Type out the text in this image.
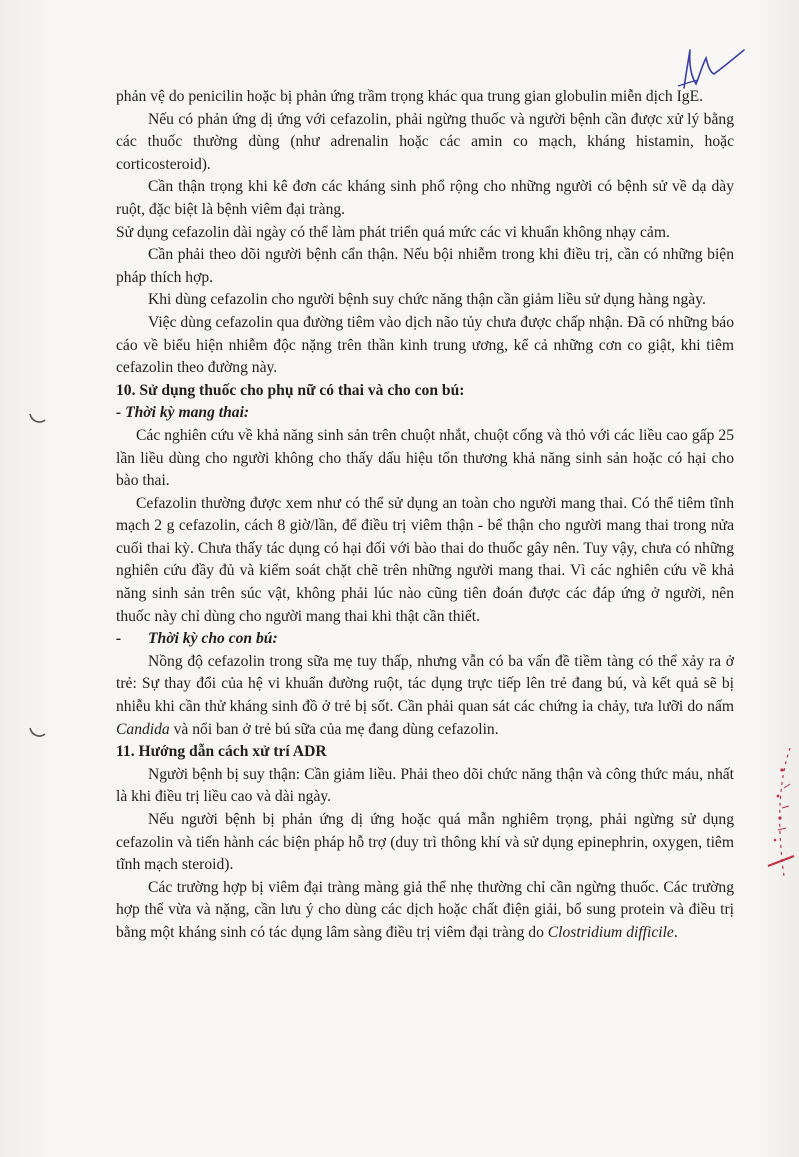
phản vệ do penicilin hoặc bị phản ứng trầm trọng khác qua trung gian globulin miễn dịch IgE.

Nếu có phản ứng dị ứng với cefazolin, phải ngừng thuốc và người bệnh cần được xử lý bằng các thuốc thường dùng (như adrenalin hoặc các amin co mạch, kháng histamin, hoặc corticosteroid).

Cần thận trọng khi kê đơn các kháng sinh phổ rộng cho những người có bệnh sử về dạ dày ruột, đặc biệt là bệnh viêm đại tràng.

Sử dụng cefazolin dài ngày có thể làm phát triển quá mức các vi khuẩn không nhạy cảm.

Cần phải theo dõi người bệnh cẩn thận. Nếu bội nhiễm trong khi điều trị, cần có những biện pháp thích hợp.

Khi dùng cefazolin cho người bệnh suy chức năng thận cần giảm liều sử dụng hàng ngày.

Việc dùng cefazolin qua đường tiêm vào dịch não tủy chưa được chấp nhận. Đã có những báo cáo về biểu hiện nhiễm độc nặng trên thần kinh trung ương, kể cả những cơn co giật, khi tiêm cefazolin theo đường này.

10. Sử dụng thuốc cho phụ nữ có thai và cho con bú:

- Thời kỳ mang thai:

Các nghiên cứu về khả năng sinh sản trên chuột nhắt, chuột cống và thỏ với các liều cao gấp 25 lần liều dùng cho người không cho thấy dấu hiệu tổn thương khả năng sinh sản hoặc có hại cho bào thai.

Cefazolin thường được xem như có thể sử dụng an toàn cho người mang thai. Có thể tiêm tĩnh mạch 2 g cefazolin, cách 8 giờ/lần, để điều trị viêm thận - bể thận cho người mang thai trong nửa cuối thai kỳ. Chưa thấy tác dụng có hại đối với bào thai do thuốc gây nên. Tuy vậy, chưa có những nghiên cứu đầy đủ và kiểm soát chặt chẽ trên những người mang thai. Vì các nghiên cứu về khả năng sinh sản trên súc vật, không phải lúc nào cũng tiên đoán được các đáp ứng ở người, nên thuốc này chỉ dùng cho người mang thai khi thật cần thiết.

- Thời kỳ cho con bú:

Nồng độ cefazolin trong sữa mẹ tuy thấp, nhưng vẫn có ba vấn đề tiềm tàng có thể xảy ra ở trẻ: Sự thay đổi của hệ vi khuẩn đường ruột, tác dụng trực tiếp lên trẻ đang bú, và kết quả sẽ bị nhiễu khi cần thử kháng sinh đồ ở trẻ bị sốt. Cần phải quan sát các chứng ỉa chảy, tưa lưỡi do nấm Candida và nổi ban ở trẻ bú sữa của mẹ đang dùng cefazolin.

11. Hướng dẫn cách xử trí ADR

Người bệnh bị suy thận: Cần giảm liều. Phải theo dõi chức năng thận và công thức máu, nhất là khi điều trị liều cao và dài ngày.

Nếu người bệnh bị phản ứng dị ứng hoặc quá mẫn nghiêm trọng, phải ngừng sử dụng cefazolin và tiến hành các biện pháp hỗ trợ (duy trì thông khí và sử dụng epinephrin, oxygen, tiêm tĩnh mạch steroid).

Các trường hợp bị viêm đại tràng màng giả thể nhẹ thường chỉ cần ngừng thuốc. Các trường hợp thể vừa và nặng, cần lưu ý cho dùng các dịch hoặc chất điện giải, bổ sung protein và điều trị bằng một kháng sinh có tác dụng lâm sàng điều trị viêm đại tràng do Clostridium difficile.
